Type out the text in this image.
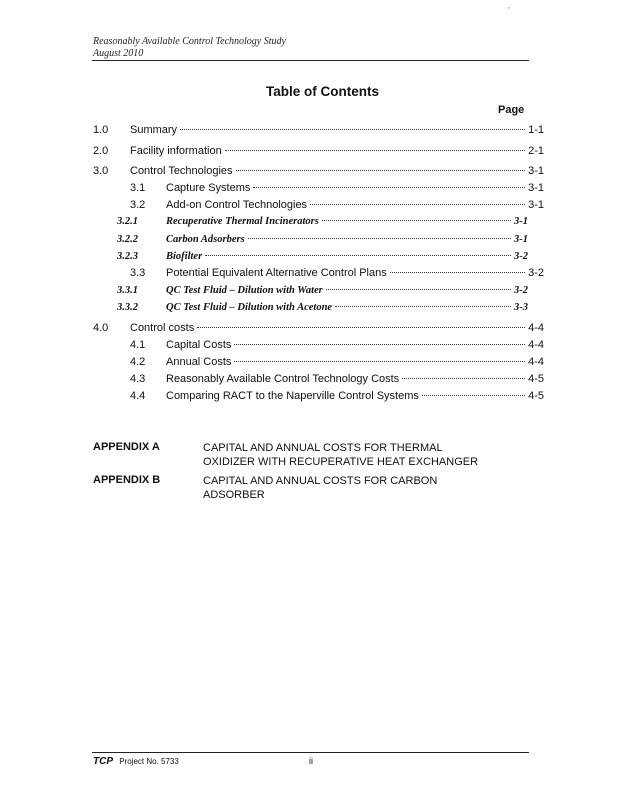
'
Reasonably Available Control Technology Study
August 2010
Table of Contents
Page
1.0	Summary	1-1
2.0	Facility information	2-1
3.0	Control Technologies	3-1
3.1	Capture Systems	3-1
3.2	Add-on Control Technologies	3-1
3.2.1	Recuperative Thermal Incinerators	3-1
3.2.2	Carbon Adsorbers	3-1
3.2.3	Biofilter	3-2
3.3	Potential Equivalent Alternative Control Plans	3-2
3.3.1	QC Test Fluid – Dilution with Water	3-2
3.3.2	QC Test Fluid – Dilution with Acetone	3-3
4.0	Control costs	4-4
4.1	Capital Costs	4-4
4.2	Annual Costs	4-4
4.3	Reasonably Available Control Technology Costs	4-5
4.4	Comparing RACT to the Naperville Control Systems	4-5
APPENDIX A	CAPITAL AND ANNUAL COSTS FOR THERMAL
OXIDIZER WITH RECUPERATIVE HEAT EXCHANGER
APPENDIX B	CAPITAL AND ANNUAL COSTS FOR CARBON
ADSORBER
TCP Project No. 5733	ii
